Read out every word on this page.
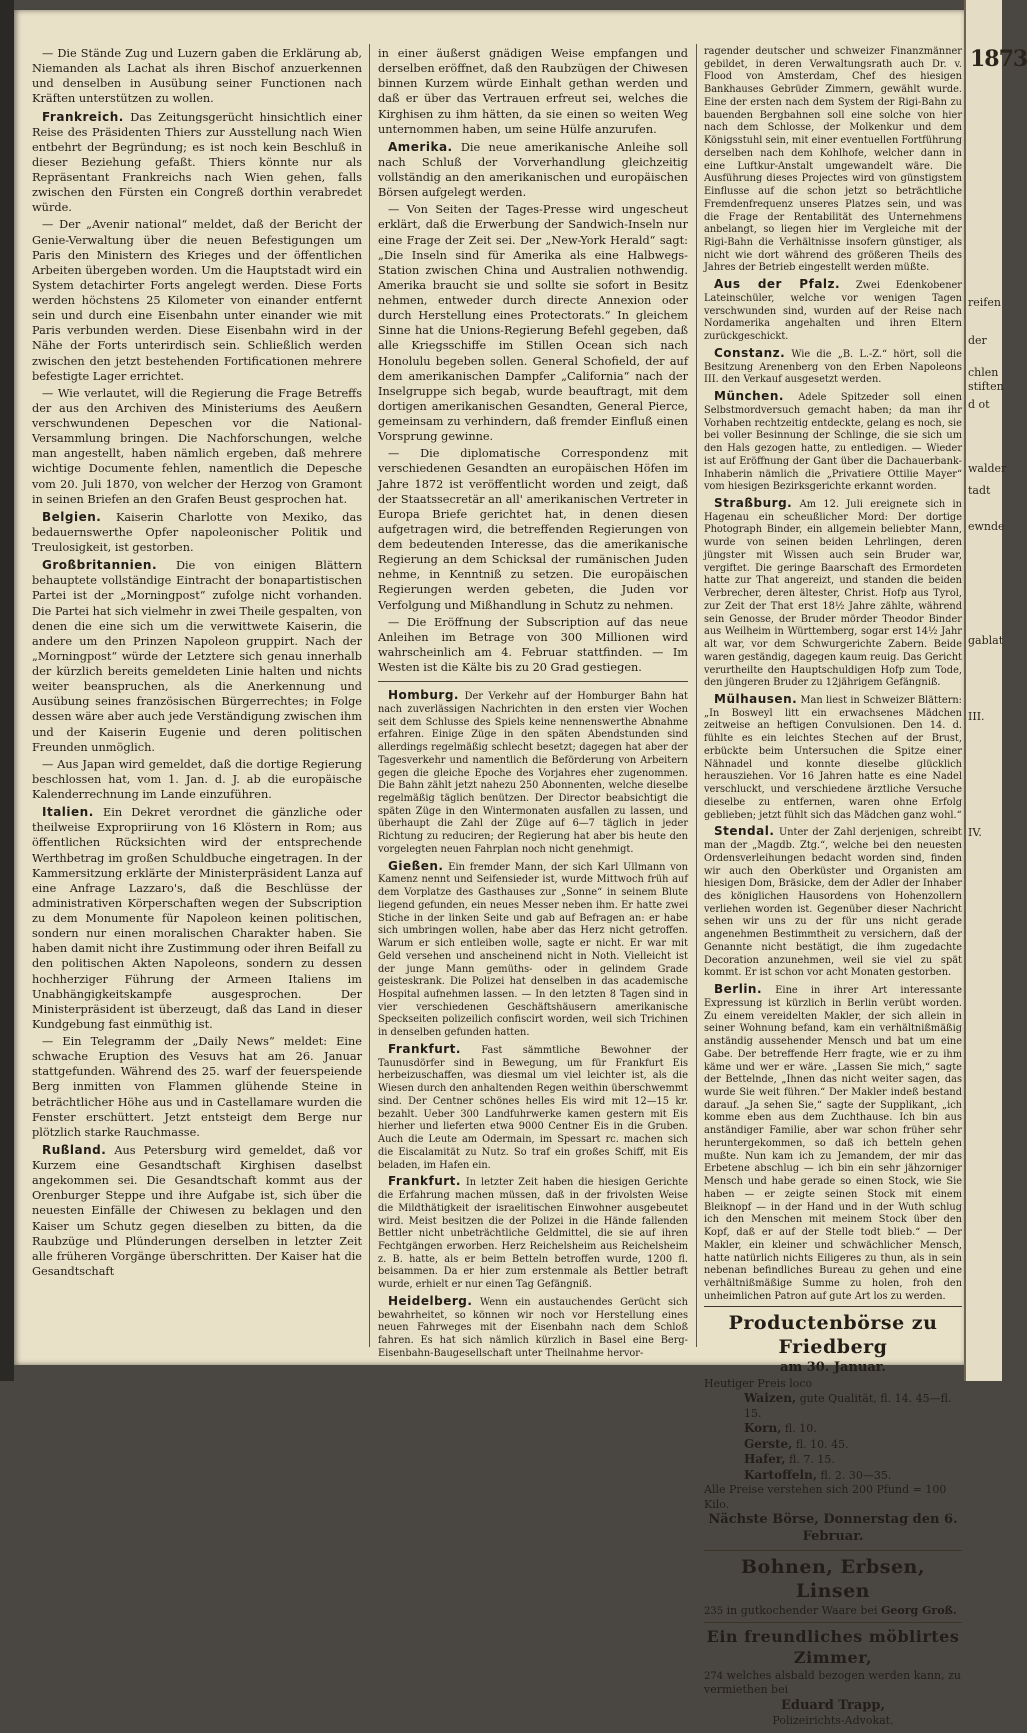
— Die Stände Zug und Luzern gaben die Erklärung ab, Niemanden als Lachat als ihren Bischof anzuerkennen und denselben in Ausübung seiner Functionen nach Kräften unterstützen zu wollen.

Frankreich. Das Zeitungsgerücht hinsichtlich einer Reise des Präsidenten Thiers zur Ausstellung nach Wien entbehrt der Begründung; es ist noch kein Beschluß in dieser Beziehung gefaßt. Thiers könnte nur als Repräsentant Frankreichs nach Wien gehen, falls zwischen den Fürsten ein Congreß dorthin verabredet würde.

— Der „Avenir national“ meldet, daß der Bericht der Genie-Verwaltung über die neuen Befestigungen um Paris den Ministern des Krieges und der öffentlichen Arbeiten übergeben worden. Um die Hauptstadt wird ein System detachirter Forts angelegt werden. Diese Forts werden höchstens 25 Kilometer von einander entfernt sein und durch eine Eisenbahn unter einander wie mit Paris verbunden werden. Diese Eisenbahn wird in der Nähe der Forts unterirdisch sein. Schließlich werden zwischen den jetzt bestehenden Fortificationen mehrere befestigte Lager errichtet.

— Wie verlautet, will die Regierung die Frage Betreffs der aus den Archiven des Ministeriums des Aeußern verschwundenen Depeschen vor die National-Versammlung bringen. Die Nachforschungen, welche man angestellt, haben nämlich ergeben, daß mehrere wichtige Documente fehlen, namentlich die Depesche vom 20. Juli 1870, von welcher der Herzog von Gramont in seinen Briefen an den Grafen Beust gesprochen hat.

Belgien. Kaiserin Charlotte von Mexiko, das bedauernswerthe Opfer napoleonischer Politik und Treulosigkeit, ist gestorben.

Großbritannien. Die von einigen Blättern behauptete vollständige Eintracht der bonapartistischen Partei ist der „Morningpost“ zufolge nicht vorhanden. Die Partei hat sich vielmehr in zwei Theile gespalten, von denen die eine sich um die verwittwete Kaiserin, die andere um den Prinzen Napoleon gruppirt. Nach der „Morningpost“ würde der Letztere sich genau innerhalb der kürzlich bereits gemeldeten Linie halten und nichts weiter beanspruchen, als die Anerkennung und Ausübung seines französischen Bürgerrechtes; in Folge dessen wäre aber auch jede Verständigung zwischen ihm und der Kaiserin Eugenie und deren politischen Freunden unmöglich.

— Aus Japan wird gemeldet, daß die dortige Regierung beschlossen hat, vom 1. Jan. d. J. ab die europäische Kalenderrechnung im Lande einzuführen.

Italien. Ein Dekret verordnet die gänzliche oder theilweise Expropriirung von 16 Klöstern in Rom; aus öffentlichen Rücksichten wird der entsprechende Werthbetrag im großen Schuldbuche eingetragen. In der Kammersitzung erklärte der Ministerpräsident Lanza auf eine Anfrage Lazzaro's, daß die Beschlüsse der administrativen Körperschaften wegen der Subscription zu dem Monumente für Napoleon keinen politischen, sondern nur einen moralischen Charakter haben. Sie haben damit nicht ihre Zustimmung oder ihren Beifall zu den politischen Akten Napoleons, sondern zu dessen hochherziger Führung der Armeen Italiens im Unabhängigkeitskampfe ausgesprochen. Der Ministerpräsident ist überzeugt, daß das Land in dieser Kundgebung fast einmüthig ist.

— Ein Telegramm der „Daily News“ meldet: Eine schwache Eruption des Vesuvs hat am 26. Januar stattgefunden. Während des 25. warf der feuerspeiende Berg inmitten von Flammen glühende Steine in beträchtlicher Höhe aus und in Castellamare wurden die Fenster erschüttert. Jetzt entsteigt dem Berge nur plötzlich starke Rauchmasse.

Rußland. Aus Petersburg wird gemeldet, daß vor Kurzem eine Gesandtschaft Kirghisen daselbst angekommen sei. Die Gesandtschaft kommt aus der Orenburger Steppe und ihre Aufgabe ist, sich über die neuesten Einfälle der Chiwesen zu beklagen und den Kaiser um Schutz gegen dieselben zu bitten, da die Raubzüge und Plünderungen derselben in letzter Zeit alle früheren Vorgänge überschritten. Der Kaiser hat die Gesandtschaft

in einer äußerst gnädigen Weise empfangen und derselben eröffnet, daß den Raubzügen der Chiwesen binnen Kurzem würde Einhalt gethan werden und daß er über das Vertrauen erfreut sei, welches die Kirghisen zu ihm hätten, da sie einen so weiten Weg unternommen haben, um seine Hülfe anzurufen.

Amerika. Die neue amerikanische Anleihe soll nach Schluß der Vorverhandlung gleichzeitig vollständig an den amerikanischen und europäischen Börsen aufgelegt werden.

— Von Seiten der Tages-Presse wird ungescheut erklärt, daß die Erwerbung der Sandwich-Inseln nur eine Frage der Zeit sei. Der „New-York Herald“ sagt: „Die Inseln sind für Amerika als eine Halbwegs-Station zwischen China und Australien nothwendig. Amerika braucht sie und sollte sie sofort in Besitz nehmen, entweder durch directe Annexion oder durch Herstellung eines Protectorats.“ In gleichem Sinne hat die Unions-Regierung Befehl gegeben, daß alle Kriegsschiffe im Stillen Ocean sich nach Honolulu begeben sollen. General Schofield, der auf dem amerikanischen Dampfer „California“ nach der Inselgruppe sich begab, wurde beauftragt, mit dem dortigen amerikanischen Gesandten, General Pierce, gemeinsam zu verhindern, daß fremder Einfluß einen Vorsprung gewinne.

— Die diplomatische Correspondenz mit verschiedenen Gesandten an europäischen Höfen im Jahre 1872 ist veröffentlicht worden und zeigt, daß der Staatssecretär an all' amerikanischen Vertreter in Europa Briefe gerichtet hat, in denen diesen aufgetragen wird, die betreffenden Regierungen von dem bedeutenden Interesse, das die amerikanische Regierung an dem Schicksal der rumänischen Juden nehme, in Kenntniß zu setzen. Die europäischen Regierungen werden gebeten, die Juden vor Verfolgung und Mißhandlung in Schutz zu nehmen.

— Die Eröffnung der Subscription auf das neue Anleihen im Betrage von 300 Millionen wird wahrscheinlich am 4. Februar stattfinden. — Im Westen ist die Kälte bis zu 20 Grad gestiegen.

Homburg. Der Verkehr auf der Homburger Bahn hat nach zuverlässigen Nachrichten in den ersten vier Wochen seit dem Schlusse des Spiels keine nennenswerthe Abnahme erfahren. Einige Züge in den späten Abendstunden sind allerdings regelmäßig schlecht besetzt; dagegen hat aber der Tagesverkehr und namentlich die Beförderung von Arbeitern gegen die gleiche Epoche des Vorjahres eher zugenommen. Die Bahn zählt jetzt nahezu 250 Abonnenten, welche dieselbe regelmäßig täglich benützen. Der Director beabsichtigt die späten Züge in den Wintermonaten ausfallen zu lassen, und überhaupt die Zahl der Züge auf 6—7 täglich in jeder Richtung zu reduciren; der Regierung hat aber bis heute den vorgelegten neuen Fahrplan noch nicht genehmigt.

Gießen. Ein fremder Mann, der sich Karl Ullmann von Kamenz nennt und Seifensieder ist, wurde Mittwoch früh auf dem Vorplatze des Gasthauses zur „Sonne“ in seinem Blute liegend gefunden, ein neues Messer neben ihm. Er hatte zwei Stiche in der linken Seite und gab auf Befragen an: er habe sich umbringen wollen, habe aber das Herz nicht getroffen. Warum er sich entleiben wolle, sagte er nicht. Er war mit Geld versehen und anscheinend nicht in Noth. Vielleicht ist der junge Mann gemüths- oder in gelindem Grade geisteskrank. Die Polizei hat denselben in das academische Hospital aufnehmen lassen. — In den letzten 8 Tagen sind in vier verschiedenen Geschäftshäusern amerikanische Speckseiten polizeilich confiscirt worden, weil sich Trichinen in denselben gefunden hatten.

Frankfurt. Fast sämmtliche Bewohner der Taunusdörfer sind in Bewegung, um für Frankfurt Eis herbeizuschaffen, was diesmal um viel leichter ist, als die Wiesen durch den anhaltenden Regen weithin überschwemmt sind. Der Centner schönes helles Eis wird mit 12—15 kr. bezahlt. Ueber 300 Landfuhrwerke kamen gestern mit Eis hierher und lieferten etwa 9000 Centner Eis in die Gruben. Auch die Leute am Odermain, im Spessart rc. machen sich die Eiscalamität zu Nutz. So traf ein großes Schiff, mit Eis beladen, im Hafen ein.

Frankfurt. In letzter Zeit haben die hiesigen Gerichte die Erfahrung machen müssen, daß in der frivolsten Weise die Mildthätigkeit der israelitischen Einwohner ausgebeutet wird. Meist besitzen die der Polizei in die Hände fallenden Bettler nicht unbeträchtliche Geldmittel, die sie auf ihren Fechtgängen erworben. Herz Reichelsheim aus Reichelsheim z. B. hatte, als er beim Betteln betroffen wurde, 1200 fl. beisammen. Da er hier zum erstenmale als Bettler betraft wurde, erhielt er nur einen Tag Gefängniß.

Heidelberg. Wenn ein austauchendes Gerücht sich bewahrheitet, so können wir noch vor Herstellung eines neuen Fahrweges mit der Eisenbahn nach dem Schloß fahren. Es hat sich nämlich kürzlich in Basel eine Berg-Eisenbahn-Baugesellschaft unter Theilnahme hervor-

ragender deutscher und schweizer Finanzmänner gebildet, in deren Verwaltungsrath auch Dr. v. Flood von Amsterdam, Chef des hiesigen Bankhauses Gebrüder Zimmern, gewählt wurde. Eine der ersten nach dem System der Rigi-Bahn zu bauenden Bergbahnen soll eine solche von hier nach dem Schlosse, der Molkenkur und dem Königsstuhl sein, mit einer eventuellen Fortführung derselben nach dem Kohlhofe, welcher dann in eine Luftkur-Anstalt umgewandelt wäre. Die Ausführung dieses Projectes wird von günstigstem Einflusse auf die schon jetzt so beträchtliche Fremdenfrequenz unseres Platzes sein, und was die Frage der Rentabilität des Unternehmens anbelangt, so liegen hier im Vergleiche mit der Rigi-Bahn die Verhältnisse insofern günstiger, als nicht wie dort während des größeren Theils des Jahres der Betrieb eingestellt werden müßte.

Aus der Pfalz. Zwei Edenkobener Lateinschüler, welche vor wenigen Tagen verschwunden sind, wurden auf der Reise nach Nordamerika angehalten und ihren Eltern zurückgeschickt.

Constanz. Wie die „B. L.-Z.“ hört, soll die Besitzung Arenenberg von den Erben Napoleons III. den Verkauf ausgesetzt werden.

München. Adele Spitzeder soll einen Selbstmordversuch gemacht haben; da man ihr Vorhaben rechtzeitig entdeckte, gelang es noch, sie bei voller Besinnung der Schlinge, die sie sich um den Hals gezogen hatte, zu entledigen. — Wieder ist auf Eröffnung der Gant über die Dachauerbank-Inhaberin nämlich die „Privatiere Ottilie Mayer“ vom hiesigen Bezirksgerichte erkannt worden.

Straßburg. Am 12. Juli ereignete sich in Hagenau ein scheußlicher Mord: Der dortige Photograph Binder, ein allgemein beliebter Mann, wurde von seinen beiden Lehrlingen, deren jüngster mit Wissen auch sein Bruder war, vergiftet. Die geringe Baarschaft des Ermordeten hatte zur That angereizt, und standen die beiden Verbrecher, deren ältester, Christ. Hofp aus Tyrol, zur Zeit der That erst 18½ Jahre zählte, während sein Genosse, der Bruder mörder Theodor Binder aus Weilheim in Württemberg, sogar erst 14½ Jahr alt war, vor dem Schwurgerichte Zabern. Beide waren geständig, dagegen kaum reuig. Das Gericht verurtheilte den Hauptschuldigen Hofp zum Tode, den jüngeren Bruder zu 12jährigem Gefängniß.

Mülhausen. Man liest in Schweizer Blättern: „In Bosweyl litt ein erwachsenes Mädchen zeitweise an heftigen Convulsionen. Den 14. d. fühlte es ein leichtes Stechen auf der Brust, erbückte beim Untersuchen die Spitze einer Nähnadel und konnte dieselbe glücklich herausziehen. Vor 16 Jahren hatte es eine Nadel verschluckt, und verschiedene ärztliche Versuche dieselbe zu entfernen, waren ohne Erfolg geblieben; jetzt fühlt sich das Mädchen ganz wohl.“

Stendal. Unter der Zahl derjenigen, schreibt man der „Magdb. Ztg.“, welche bei den neuesten Ordensverleihungen bedacht worden sind, finden wir auch den Oberküster und Organisten am hiesigen Dom, Bräsicke, dem der Adler der Inhaber des königlichen Hausordens von Hohenzollern verliehen worden ist. Gegenüber dieser Nachricht sehen wir uns zu der für uns nicht gerade angenehmen Bestimmtheit zu versichern, daß der Genannte nicht bestätigt, die ihm zugedachte Decoration anzunehmen, weil sie viel zu spät kommt. Er ist schon vor acht Monaten gestorben.

Berlin. Eine in ihrer Art interessante Expressung ist kürzlich in Berlin verübt worden. Zu einem vereidelten Makler, der sich allein in seiner Wohnung befand, kam ein verhältnißmäßig anständig aussehender Mensch und bat um eine Gabe. Der betreffende Herr fragte, wie er zu ihm käme und wer er wäre. „Lassen Sie mich,“ sagte der Bettelnde, „Ihnen das nicht weiter sagen, das wurde Sie weit führen.“ Der Makler indeß bestand darauf. „Ja sehen Sie,“ sagte der Supplikant, „ich komme eben aus dem Zuchthause. Ich bin aus anständiger Familie, aber war schon früher sehr heruntergekommen, so daß ich betteln gehen mußte. Nun kam ich zu Jemandem, der mir das Erbetene abschlug — ich bin ein sehr jähzorniger Mensch und habe gerade so einen Stock, wie Sie haben — er zeigte seinen Stock mit einem Bleiknopf — in der Hand und in der Wuth schlug ich den Menschen mit meinem Stock über den Kopf, daß er auf der Stelle todt blieb.“ — Der Makler, ein kleiner und schwächlicher Mensch, hatte natürlich nichts Eiligeres zu thun, als in sein nebenan befindliches Bureau zu gehen und eine verhältnißmäßige Summe zu holen, froh den unheimlichen Patron auf gute Art los zu werden.

Productenbörse zu Friedberg
am 30. Januar.
Heutiger Preis loco
Waizen, gute Qualität, fl. 14. 45—fl. 15.
Korn, fl. 10.
Gerste, fl. 10. 45.
Hafer, fl. 7. 15.
Kartoffeln, fl. 2. 30—35.
Alle Preise verstehen sich 200 Pfund = 100 Kilo.
Nächste Börse, Donnerstag den 6. Februar.
Bohnen, Erbsen, Linsen
235 in gutkochender Waare bei Georg Groß.
Ein freundliches möblirtes Zimmer,
274 welches alsbald bezogen werden kann, zu vermiethen bei
Eduard Trapp,
Polizeirichts-Advokat.
1873
reifen
der
chlen
stiften
d ot
walder
tadt
ewnde
gablat
III.
IV.
